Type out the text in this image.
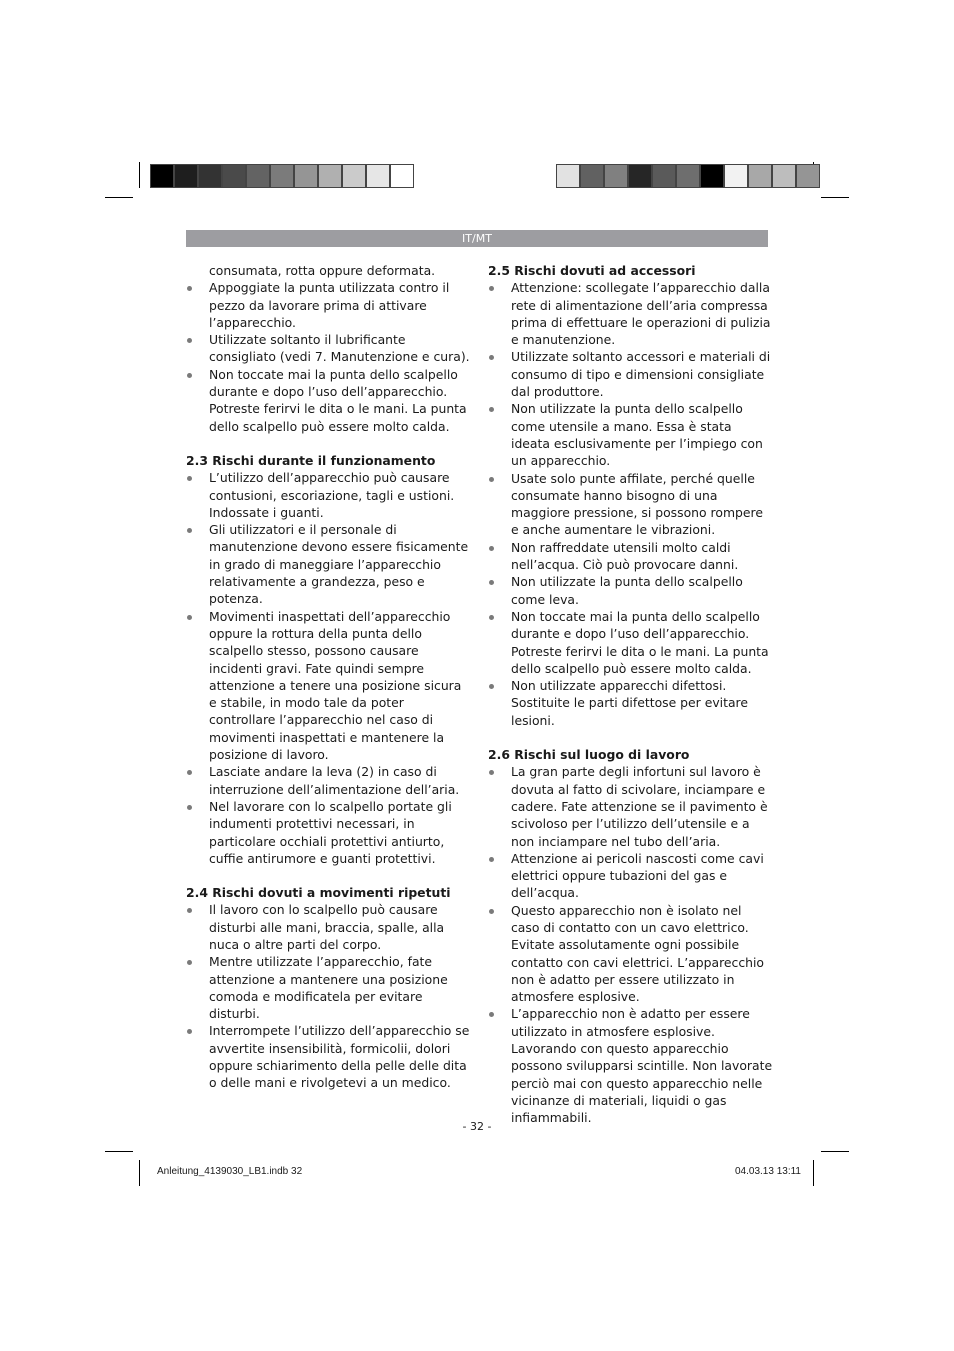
IT/MT
consumata, rotta oppure deformata.
Appoggiate la punta utilizzata contro il pezzo da lavorare prima di attivare l’apparecchio.
Utilizzate soltanto il lubrificante consigliato (vedi 7. Manutenzione e cura).
Non toccate mai la punta dello scalpello durante e dopo l’uso dell’apparecchio. Potreste ferirvi le dita o le mani. La punta dello scalpello può essere molto calda.
2.3 Rischi durante il funzionamento
L’utilizzo dell’apparecchio può causare contusioni, escoriazione, tagli e ustioni. Indossate i guanti.
Gli utilizzatori e il personale di manutenzione devono essere fisicamente in grado di maneggiare l’apparecchio relativamente a grandezza, peso e potenza.
Movimenti inaspettati dell’apparecchio oppure la rottura della punta dello scalpello stesso, possono causare incidenti gravi. Fate quindi sempre attenzione a tenere una posizione sicura e stabile, in modo tale da poter controllare l’apparecchio nel caso di movimenti inaspettati e mantenere la posizione di lavoro.
Lasciate andare la leva (2) in caso di interruzione dell’alimentazione dell’aria.
Nel lavorare con lo scalpello portate gli indumenti protettivi necessari, in particolare occhiali protettivi antiurto, cuffie antirumore e guanti protettivi.
2.4 Rischi dovuti a movimenti ripetuti
Il lavoro con lo scalpello può causare disturbi alle mani, braccia, spalle, alla nuca o altre parti del corpo.
Mentre utilizzate l’apparecchio, fate attenzione a mantenere una posizione comoda e modificatela per evitare disturbi.
Interrompete l’utilizzo dell’apparecchio se avvertite insensibilità, formicolii, dolori oppure schiarimento della pelle delle dita o delle mani e rivolgetevi a un medico.
2.5 Rischi dovuti ad accessori
Attenzione: scollegate l’apparecchio dalla rete di alimentazione dell’aria compressa prima di effettuare le operazioni di pulizia e manutenzione.
Utilizzate soltanto accessori e materiali di consumo di tipo e dimensioni consigliate dal produttore.
Non utilizzate la punta dello scalpello come utensile a mano. Essa è stata ideata esclusivamente per l’impiego con un apparecchio.
Usate solo punte affilate, perché quelle consumate hanno bisogno di una maggiore pressione, si possono rompere e anche aumentare le vibrazioni.
Non raffreddate utensili molto caldi nell’acqua. Ciò può provocare danni.
Non utilizzate la punta dello scalpello come leva.
Non toccate mai la punta dello scalpello durante e dopo l’uso dell’apparecchio. Potreste ferirvi le dita o le mani. La punta dello scalpello può essere molto calda.
Non utilizzate apparecchi difettosi. Sostituite le parti difettose per evitare lesioni.
2.6 Rischi sul luogo di lavoro
La gran parte degli infortuni sul lavoro è dovuta al fatto di scivolare, inciampare e cadere. Fate attenzione se il pavimento è scivoloso per l’utilizzo dell’utensile e a non inciampare nel tubo dell’aria.
Attenzione ai pericoli nascosti come cavi elettrici oppure tubazioni del gas e dell’acqua.
Questo apparecchio non è isolato nel caso di contatto con un cavo elettrico. Evitate assolutamente ogni possibile contatto con cavi elettrici. L’apparecchio non è adatto per essere utilizzato in atmosfere esplosive.
L’apparecchio non è adatto per essere utilizzato in atmosfere esplosive. Lavorando con questo apparecchio possono svilupparsi scintille. Non lavorate perciò mai con questo apparecchio nelle vicinanze di materiali, liquidi o gas infiammabili.
- 32 -
Anleitung_4139030_LB1.indb 32	04.03.13 13:11
